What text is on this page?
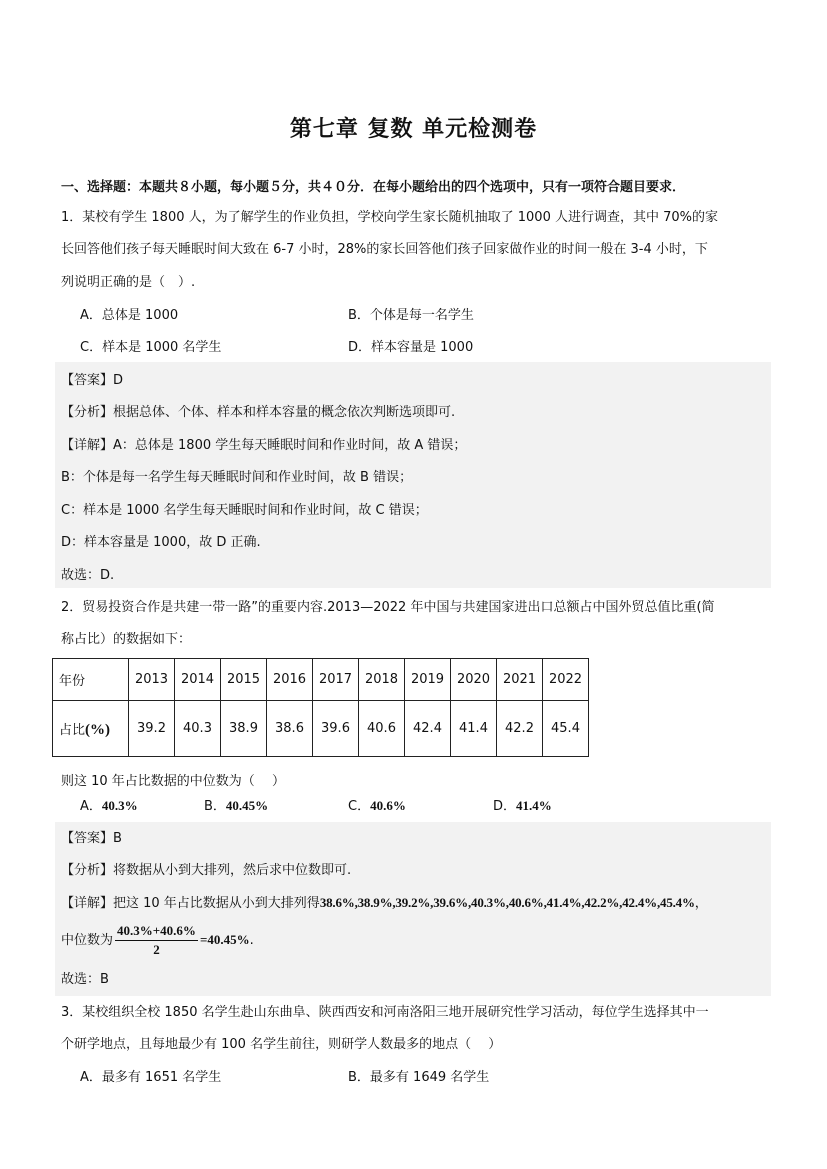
第七章 复数 单元检测卷
一、选择题：本题共８小题，每小题５分，共４０分．在每小题给出的四个选项中，只有一项符合题目要求．
1．某校有学生 1800 人，为了解学生的作业负担，学校向学生家长随机抽取了 1000 人进行调查，其中 70%的家
长回答他们孩子每天睡眠时间大致在 6-7 小时，28%的家长回答他们孩子回家做作业的时间一般在 3-4 小时，下
列说明正确的是（　）.
A．总体是 1000	B．个体是每一名学生
C．样本是 1000 名学生	D．样本容量是 1000
【答案】D
【分析】根据总体、个体、样本和样本容量的概念依次判断选项即可.
【详解】A：总体是 1800 学生每天睡眠时间和作业时间，故 A 错误；
B：个体是每一名学生每天睡眠时间和作业时间，故 B 错误；
C：样本是 1000 名学生每天睡眠时间和作业时间，故 C 错误；
D：样本容量是 1000，故 D 正确.
故选：D.
2．贸易投资合作是共建一带一路”的重要内容.2013—2022 年中国与共建国家进出口总额占中国外贸总值比重(简
称占比）的数据如下：
年份	2013	2014	2015	2016	2017	2018	2019	2020	2021	2022
占比(%)	39.2	40.3	38.9	38.6	39.6	40.6	42.4	41.4	42.2	45.4
则这 10 年占比数据的中位数为（　 ）
A．40.3%	B．40.45%	C．40.6%	D．41.4%
【答案】B
【分析】将数据从小到大排列，然后求中位数即可.
【详解】把这 10 年占比数据从小到大排列得38.6%,38.9%,39.2%,39.6%,40.3%,40.6%,41.4%,42.2%,42.4%,45.4%，
中位数为 $\frac{40.3\%+40.6\%}{2} =40.45\%$.
故选：B
3．某校组织全校 1850 名学生赴山东曲阜、陕西西安和河南洛阳三地开展研究性学习活动，每位学生选择其中一
个研学地点，且每地最少有 100 名学生前往，则研学人数最多的地点（　 ）
A．最多有 1651 名学生	B．最多有 1649 名学生
